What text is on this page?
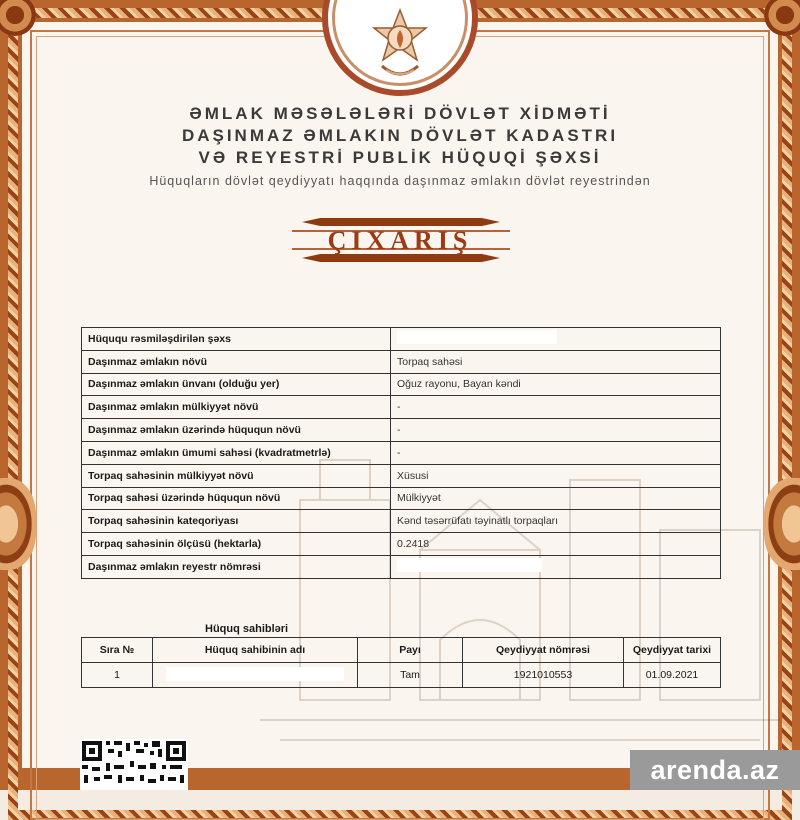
ƏMLAK MƏSƏLƏLƏRİ DÖVLƏT XİDMƏTİ
DAŞINMAZ ƏMLAKIN DÖVLƏT KADASTRI
VƏ REYESTRİ PUBLİK HÜQUQİ ŞƏXSİ
Hüquqların dövlət qeydiyyatı haqqında daşınmaz əmlakın dövlət reyestrindən
ÇIXARIŞ
Hüququ rəsmiləşdirilən şəxs	
Daşınmaz əmlakın növü	Torpaq sahəsi
Daşınmaz əmlakın ünvanı (olduğu yer)	Oğuz rayonu, Bayan kəndi
Daşınmaz əmlakın mülkiyyət növü	-
Daşınmaz əmlakın üzərində hüququn növü	-
Daşınmaz əmlakın ümumi sahəsi (kvadratmetrlə)	-
Torpaq sahəsinin mülkiyyət növü	Xüsusi
Torpaq sahəsi üzərində hüququn növü	Mülkiyyət
Torpaq sahəsinin kateqoriyası	Kənd təsərrüfatı təyinatlı torpaqları
Torpaq sahəsinin ölçüsü (hektarla)	0.2418
Daşınmaz əmlakın reyestr nömrəsi	
Hüquq sahibləri
Sıra №	Hüquq sahibinin adı	Payı	Qeydiyyat nömrəsi	Qeydiyyat tarixi
1		Tam	1921010553	01.09.2021
arenda.az
